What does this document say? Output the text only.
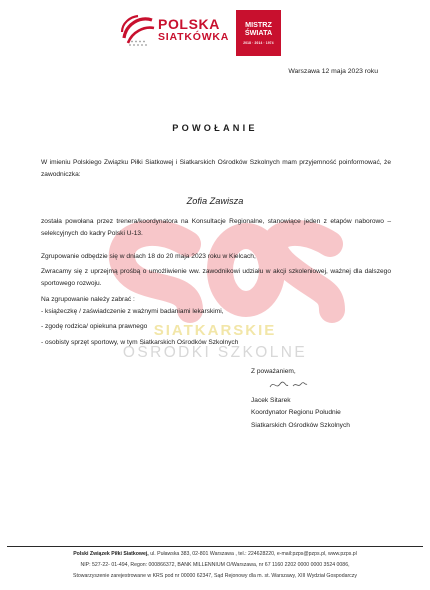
SIATKARSKIE
OŚRODKI SZKOLNE
POLSKA
SIATKÓWKA
MISTRZ
ŚWIATA
2018 · 2014 · 1974
Warszawa 12 maja 2023 roku
POWOŁANIE
W imieniu Polskiego Związku Piłki Siatkowej i Siatkarskich Ośrodków Szkolnych mam przyjemność poinformować, że zawodniczka:
Zofia Zawisza
została powołana przez trenera/koordynatora na Konsultacje Regionalne, stanowiące jeden z etapów naborowo – selekcyjnych do kadry Polski U-13.
Zgrupowanie odbędzie się w dniach 18 do 20 maja 2023 roku w Kielcach,
Zwracamy się z uprzejmą prośbą o umożliwienie ww. zawodnikowi udziału w akcji szkoleniowej, ważnej dla dalszego sportowego rozwoju.
Na zgrupowanie należy zabrać :
- książeczkę / zaświadczenie z ważnymi badaniami lekarskimi,
- zgodę rodzica/ opiekuna prawnego
- osobisty sprzęt sportowy, w tym Siatkarskich Ośrodków Szkolnych
Z poważaniem,
Jacek Sitarek
Koordynator Regionu Południe
Siatkarskich Ośrodków Szkolnych
Polski Związek Piłki Siatkowej, ul. Puławska 383, 02-801 Warszawa , tel.: 224628220, e-mail:pzps@pzps.pl, www.pzps.pl
NIP: 527-22- 01-494, Regon: 000866372, BANK MILLENNIUM O/Warszawa, nr 67 1160 2202 0000 0000 3524 0086,
Stowarzyszenie zarejestrowane w KRS pod nr 00000 62347, Sąd Rejonowy dla m. st. Warszawy, XIII Wydział Gospodarczy
